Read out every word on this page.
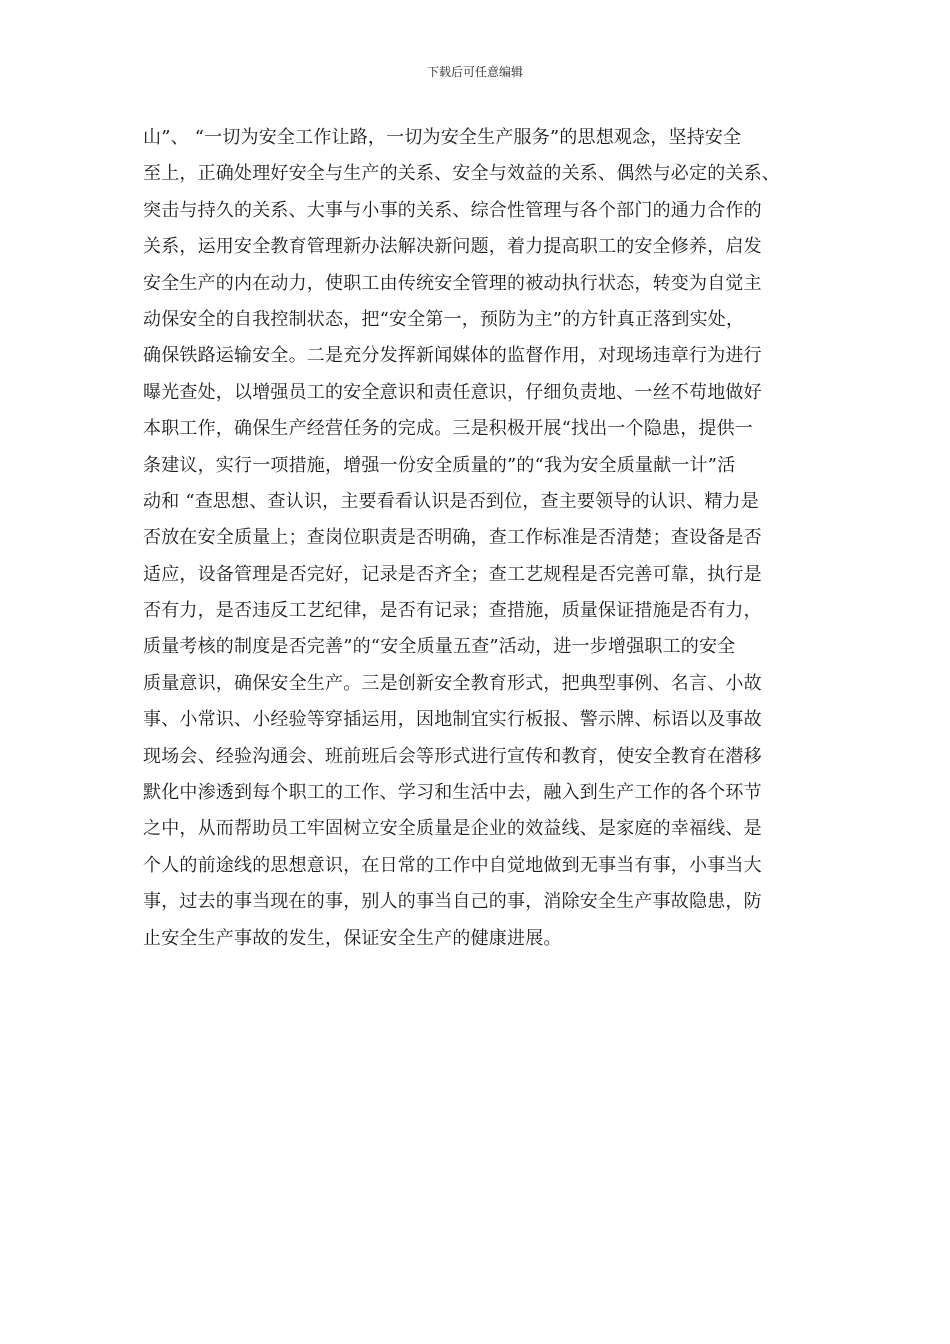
下载后可任意编辑
山”、 “一切为安全工作让路，一切为安全生产服务”的思想观念，坚持安全
至上，正确处理好安全与生产的关系、安全与效益的关系、偶然与必定的关系、
突击与持久的关系、大事与小事的关系、综合性管理与各个部门的通力合作的
关系，运用安全教育管理新办法解决新问题，着力提高职工的安全修养，启发
安全生产的内在动力，使职工由传统安全管理的被动执行状态，转变为自觉主
动保安全的自我控制状态，把“安全第一，预防为主”的方针真正落到实处，
确保铁路运输安全。二是充分发挥新闻媒体的监督作用，对现场违章行为进行
曝光查处，以增强员工的安全意识和责任意识，仔细负责地、一丝不苟地做好
本职工作，确保生产经营任务的完成。三是积极开展“找出一个隐患，提供一
条建议，实行一项措施，增强一份安全质量的”的“我为安全质量献一计”活
动和 “查思想、查认识，主要看看认识是否到位，查主要领导的认识、精力是
否放在安全质量上；查岗位职责是否明确，查工作标准是否清楚；查设备是否
适应，设备管理是否完好，记录是否齐全；查工艺规程是否完善可靠，执行是
否有力，是否违反工艺纪律，是否有记录；查措施，质量保证措施是否有力，
质量考核的制度是否完善”的“安全质量五查”活动，进一步增强职工的安全
质量意识，确保安全生产。三是创新安全教育形式，把典型事例、名言、小故
事、小常识、小经验等穿插运用，因地制宜实行板报、警示牌、标语以及事故
现场会、经验沟通会、班前班后会等形式进行宣传和教育，使安全教育在潜移
默化中渗透到每个职工的工作、学习和生活中去，融入到生产工作的各个环节
之中，从而帮助员工牢固树立安全质量是企业的效益线、是家庭的幸福线、是
个人的前途线的思想意识，在日常的工作中自觉地做到无事当有事，小事当大
事，过去的事当现在的事，别人的事当自己的事，消除安全生产事故隐患，防
止安全生产事故的发生，保证安全生产的健康进展。
